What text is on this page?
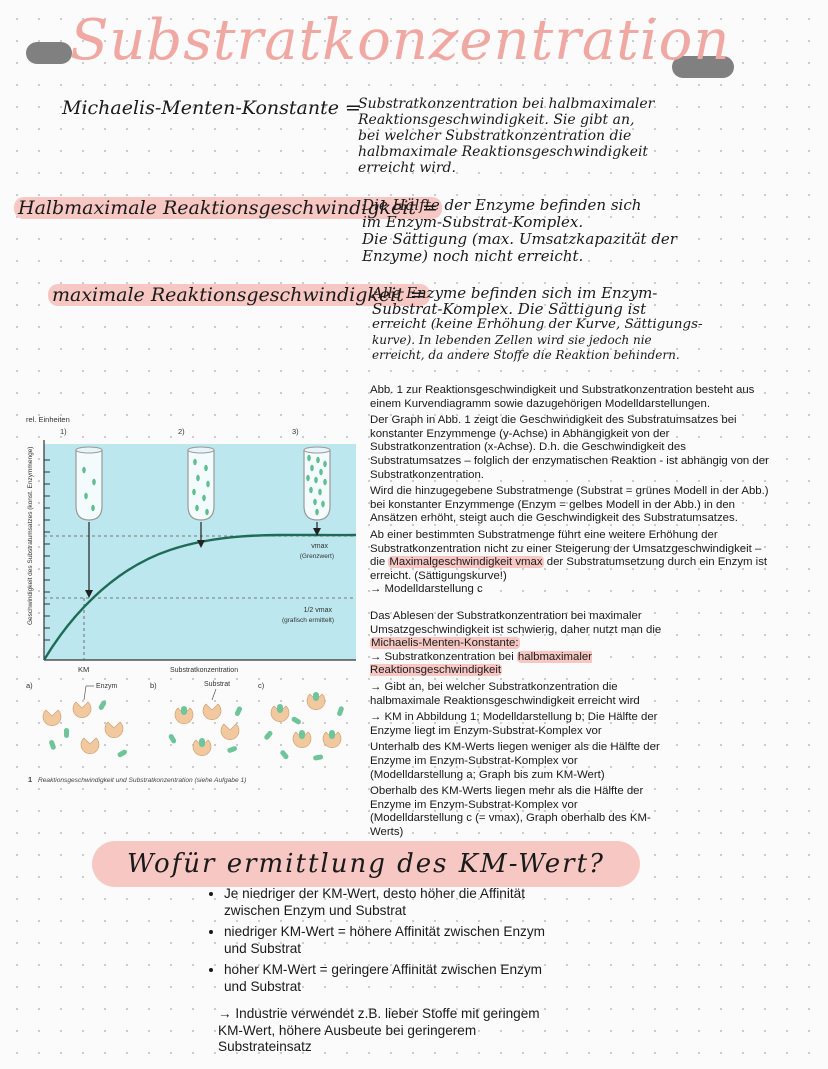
Substratkonzentration
Michaelis-Menten-Konstante =
Substratkonzentration bei halbmaximaler
Reaktionsgeschwindigkeit. Sie gibt an,
bei welcher Substratkonzentration die
halbmaximale Reaktionsgeschwindigkeit
erreicht wird.
Halbmaximale Reaktionsgeschwindigkeit =
Die Hälfte der Enzyme befinden sich
im Enzym-Substrat-Komplex.
Die Sättigung (max. Umsatzkapazität der
Enzyme) noch nicht erreicht.
maximale Reaktionsgeschwindigkeit =
Alle Enzyme befinden sich im Enzym-
Substrat-Komplex. Die Sättigung ist
erreicht (keine Erhöhung der Kurve, Sättigungs-
kurve). In lebenden Zellen wird sie jedoch nie
erreicht, da andere Stoffe die Reaktion behindern.
rel. Einheiten
1)	2)	3)
Geschwindigkeit des Substratumsatzes (konst. Enzymmenge)	vmax
(Grenzwert)
1/2 vmax
(grafisch ermittelt)
KM	Substratkonzentration
a)	b)	c)
Enzym	Substrat
1 Reaktionsgeschwindigkeit und Substratkonzentration (siehe Aufgabe 1)

Abb. 1 zur Reaktionsgeschwindigkeit und Substratkonzentration besteht aus einem Kurvendiagramm sowie dazugehörigen Modelldarstellungen.

Der Graph in Abb. 1 zeigt die Geschwindigkeit des Substratumsatzes bei konstanter Enzymmenge (y-Achse) in Abhängigkeit von der Substratkonzentration (x-Achse). D.h. die Geschwindigkeit des Substratumsatzes – folglich der enzymatischen Reaktion - ist abhängig von der Substratkonzentration.

Wird die hinzugegebene Substratmenge (Substrat = grünes Modell in der Abb.) bei konstanter Enzymmenge (Enzym = gelbes Modell in der Abb.) in den Ansätzen erhöht, steigt auch die Geschwindigkeit des Substratumsatzes.

Ab einer bestimmten Substratmenge führt eine weitere Erhöhung der Substratkonzentration nicht zu einer Steigerung der Umsatzgeschwindigkeit – die Maximalgeschwindigkeit vmax der Substratumsetzung durch ein Enzym ist erreicht. (Sättigungskurve!)
→ Modelldarstellung c

Das Ablesen der Substratkonzentration bei maximaler Umsatzgeschwindigkeit ist schwierig, daher nutzt man die Michaelis-Menten-Konstante:
→ Substratkonzentration bei halbmaximaler Reaktionsgeschwindigkeit

→ Gibt an, bei welcher Substratkonzentration die halbmaximale Reaktionsgeschwindigkeit erreicht wird

→ KM in Abbildung 1; Modelldarstellung b; Die Hälfte der Enzyme liegt im Enzym-Substrat-Komplex vor

Unterhalb des KM-Werts liegen weniger als die Hälfte der Enzyme im Enzym-Substrat-Komplex vor (Modelldarstellung a; Graph bis zum KM-Wert)

Oberhalb des KM-Werts liegen mehr als die Hälfte der Enzyme im Enzym-Substrat-Komplex vor (Modelldarstellung c (= vmax), Graph oberhalb des KM-Werts)

Wofür ermittlung des KM-Wert?
• Je niedriger der KM-Wert, desto höher die Affinität zwischen Enzym und Substrat
• niedriger KM-Wert = höhere Affinität zwischen Enzym und Substrat
• hoher KM-Wert = geringere Affinität zwischen Enzym und Substrat
→ Industrie verwendet z.B. lieber Stoffe mit geringem KM-Wert, höhere Ausbeute bei geringerem Substrateinsatz
